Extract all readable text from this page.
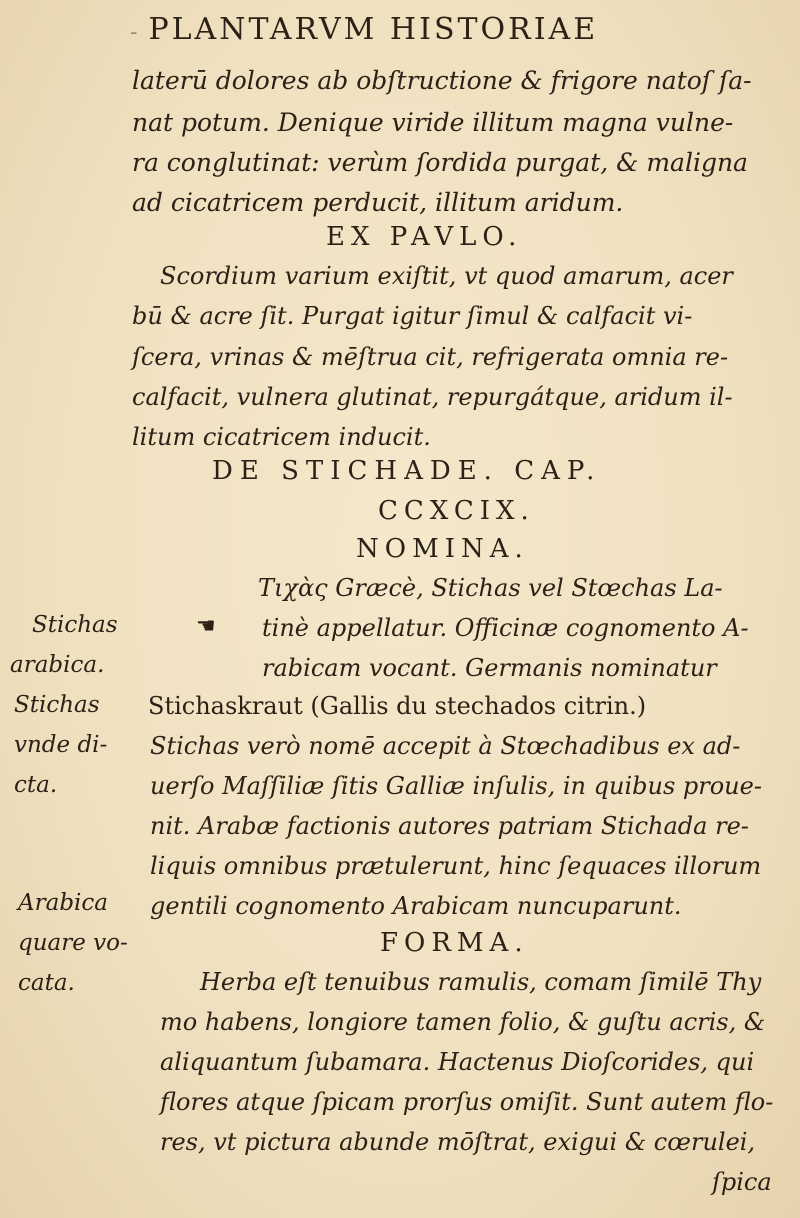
- PLANTARVM HISTORIAE
laterū dolores ab obſtructione & frigore natoſ ſa-
nat potum. Denique viride illitum magna vulne-
ra conglutinat: verùm ſordida purgat, & maligna
ad cicatricem perducit, illitum aridum.
EX PAVLO.
Scordium varium exiſtit, vt quod amarum, acer
bū & acre ſit. Purgat igitur ſimul & calfacit vi-
ſcera, vrinas & mēſtrua cit, refrigerata omnia re-
calfacit, vulnera glutinat, repurgátque, aridum il-
litum cicatricem inducit.
DE STICHADE. CAP.
CCXCIX.
NOMINA.
Τιχὰς Græcè, Stichas vel Stœchas La-
☚ tinè appellatur. Officinæ cognomento A-
rabicam vocant. Germanis nominatur
Stichaskraut (Gallis du stechados citrin.)
Stichas verò nomē accepit à Stœchadibus ex ad-
uerſo Maſſiliæ ſitis Galliæ inſulis, in quibus proue-
nit. Arabæ factionis autores patriam Stichada re-
liquis omnibus prætulerunt, hinc ſequaces illorum
gentili cognomento Arabicam nuncuparunt.
FORMA.
Herba eſt tenuibus ramulis, comam ſimilē Thy
mo habens, longiore tamen folio, & guſtu acris, &
aliquantum ſubamara. Hactenus Dioſcorides, qui
flores atque ſpicam prorſus omiſit. Sunt autem flo-
res, vt pictura abunde mōſtrat, exigui & cœrulei,
ſpica
Stichas
arabica.
Stichas
vnde di-
cta.
Arabica
quare vo-
cata.
